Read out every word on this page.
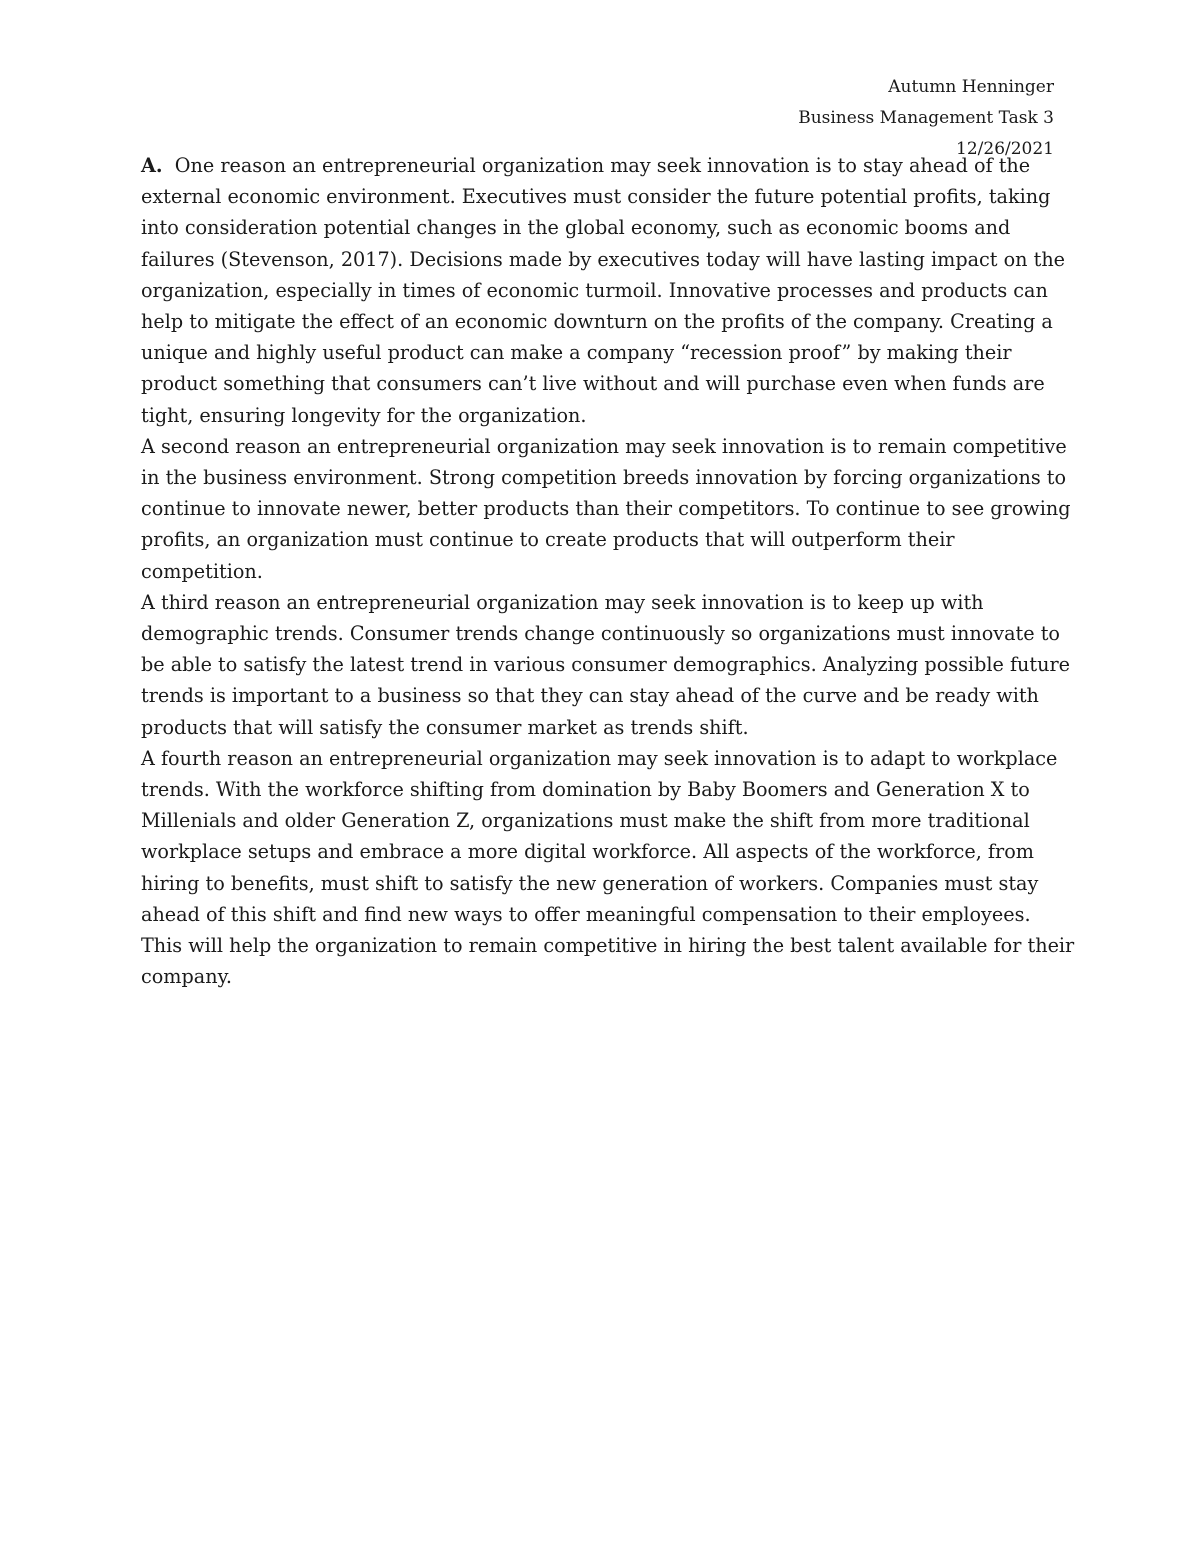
Autumn Henninger
Business Management Task 3
12/26/2021

A. One reason an entrepreneurial organization may seek innovation is to stay ahead of the external economic environment. Executives must consider the future potential profits, taking into consideration potential changes in the global economy, such as economic booms and failures (Stevenson, 2017). Decisions made by executives today will have lasting impact on the organization, especially in times of economic turmoil. Innovative processes and products can help to mitigate the effect of an economic downturn on the profits of the company. Creating a unique and highly useful product can make a company “recession proof” by making their product something that consumers can’t live without and will purchase even when funds are tight, ensuring longevity for the organization.

A second reason an entrepreneurial organization may seek innovation is to remain competitive in the business environment. Strong competition breeds innovation by forcing organizations to continue to innovate newer, better products than their competitors. To continue to see growing profits, an organization must continue to create products that will outperform their competition.

A third reason an entrepreneurial organization may seek innovation is to keep up with demographic trends. Consumer trends change continuously so organizations must innovate to be able to satisfy the latest trend in various consumer demographics. Analyzing possible future trends is important to a business so that they can stay ahead of the curve and be ready with products that will satisfy the consumer market as trends shift.

A fourth reason an entrepreneurial organization may seek innovation is to adapt to workplace trends. With the workforce shifting from domination by Baby Boomers and Generation X to Millenials and older Generation Z, organizations must make the shift from more traditional workplace setups and embrace a more digital workforce. All aspects of the workforce, from hiring to benefits, must shift to satisfy the new generation of workers. Companies must stay ahead of this shift and find new ways to offer meaningful compensation to their employees. This will help the organization to remain competitive in hiring the best talent available for their company.
